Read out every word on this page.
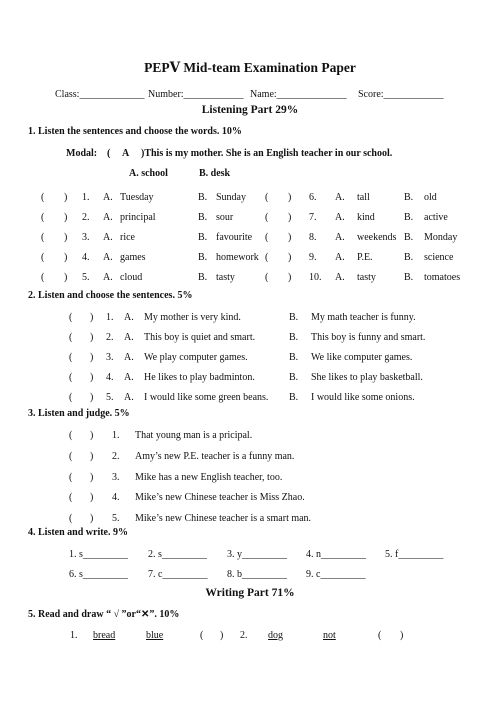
PEPⅤ Mid-team Examination Paper
Class:_____________ Number:____________ Name:______________ Score:____________
Listening Part 29%
1. Listen the sentences and choose the words. 10%
Modal: ( A )This is my mother. She is an English teacher in our school.
A. school	B. desk
( ) 1. A. Tuesday	B. Sunday ( ) 6. A. tall	B. old
( ) 2. A. principal	B. sour	( ) 7. A. kind	B. active
( ) 3. A. rice	B. favourite ( ) 8. A. weekends B. Monday
( ) 4. A. games	B. homework ( ) 9. A. P.E.	B. science
( ) 5. A. cloud	B. tasty	( ) 10. A. tasty	B. tomatoes
2. Listen and choose the sentences. 5%
( ) 1. A. My mother is very kind.	B. My math teacher is funny.
( ) 2. A. This boy is quiet and smart.	B. This boy is funny and smart.
( ) 3. A. We play computer games.	B. We like computer games.
( ) 4. A. He likes to play badminton.	B. She likes to play basketball.
( ) 5. A. I would like some green beans. B. I would like some onions.
3. Listen and judge. 5%
( ) 1. That young man is a pricipal.
( ) 2. Amy’s new P.E. teacher is a funny man.
( ) 3. Mike has a new English teacher, too.
( ) 4. Mike’s new Chinese teacher is Miss Zhao.
( ) 5. Mike’s new Chinese teacher is a smart man.
4. Listen and write. 9%
1. s_________ 2. s_________ 3. y_________ 4. n_________ 5. f_________
6. s_________ 7. c_________ 8. b_________ 9. c_________
Writing Part 71%
5. Read and draw “ √ ”or“✕”. 10%
1. bread	blue	( ) 2. dog	not	( )
